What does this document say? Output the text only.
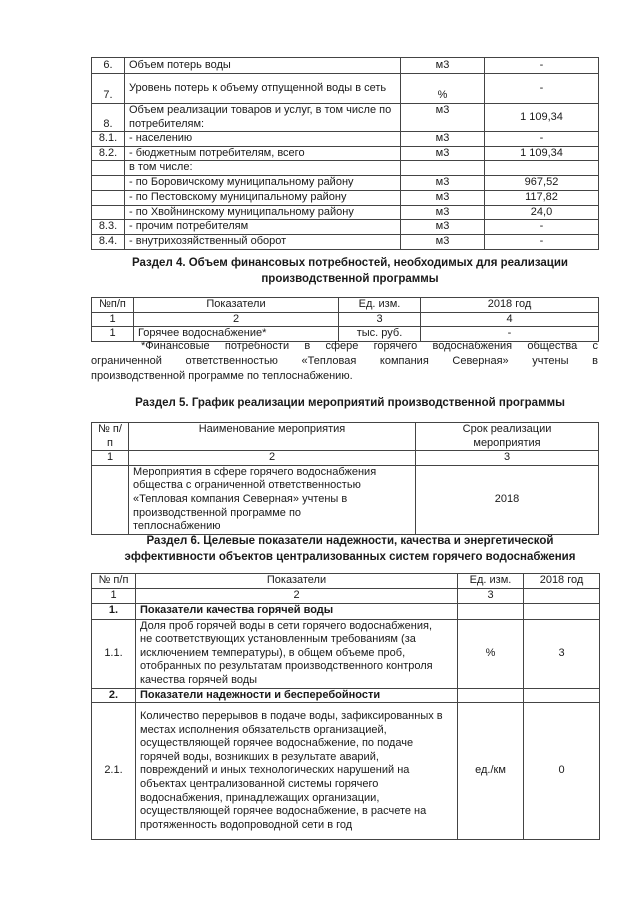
6.	Объем потерь воды	м3	-
7.	Уровень потерь к объему отпущенной воды в сеть	%	-
8.	Объем реализации товаров и услуг, в том числе по потребителям:	м3	1 109,34
8.1.	- населению	м3	-
8.2.	- бюджетным потребителям, всего	м3	1 109,34
	в том числе:		
	- по Боровичскому муниципальному району	м3	967,52
	- по Пестовскому муниципальному району	м3	117,82
	- по Хвойнинскому муниципальному району	м3	24,0
8.3.	- прочим потребителям	м3	-
8.4.	- внутрихозяйственный оборот	м3	-
Раздел 4. Объем финансовых потребностей, необходимых для реализации
производственной программы
№п/п	Показатели	Ед. изм.	2018 год
1	2	3	4
1	Горячее водоснабжение*	тыс. руб.	-

*Финансовые потребности в сфере горячего водоснабжения общества с

ограниченной ответственностью «Тепловая компания Северная» учтены в

производственной программе по теплоснабжению.

Раздел 5. График реализации мероприятий производственной программы
№ п/п	Наименование мероприятия	Срок реализации мероприятия
1	2	3
	Мероприятия в сфере горячего водоснабжения общества с ограниченной ответственностью «Тепловая компания Северная» учтены в производственной программе по теплоснабжению	2018
Раздел 6. Целевые показатели надежности, качества и энергетической
эффективности объектов централизованных систем горячего водоснабжения
№ п/п	Показатели	Ед. изм.	2018 год
1	2	3	
1.	Показатели качества горячей воды		
1.1.	Доля проб горячей воды в сети горячего водоснабжения, не соответствующих установленным требованиям (за исключением температуры), в общем объеме проб, отобранных по результатам производственного контроля качества горячей воды	%	3
2.	Показатели надежности и бесперебойности		
2.1.	Количество перерывов в подаче воды, зафиксированных в местах исполнения обязательств организацией, осуществляющей горячее водоснабжение, по подаче горячей воды, возникших в результате аварий, повреждений и иных технологических нарушений на объектах централизованной системы горячего водоснабжения, принадлежащих организации, осуществляющей горячее водоснабжение, в расчете на протяженность водопроводной сети в год	ед./км	0
